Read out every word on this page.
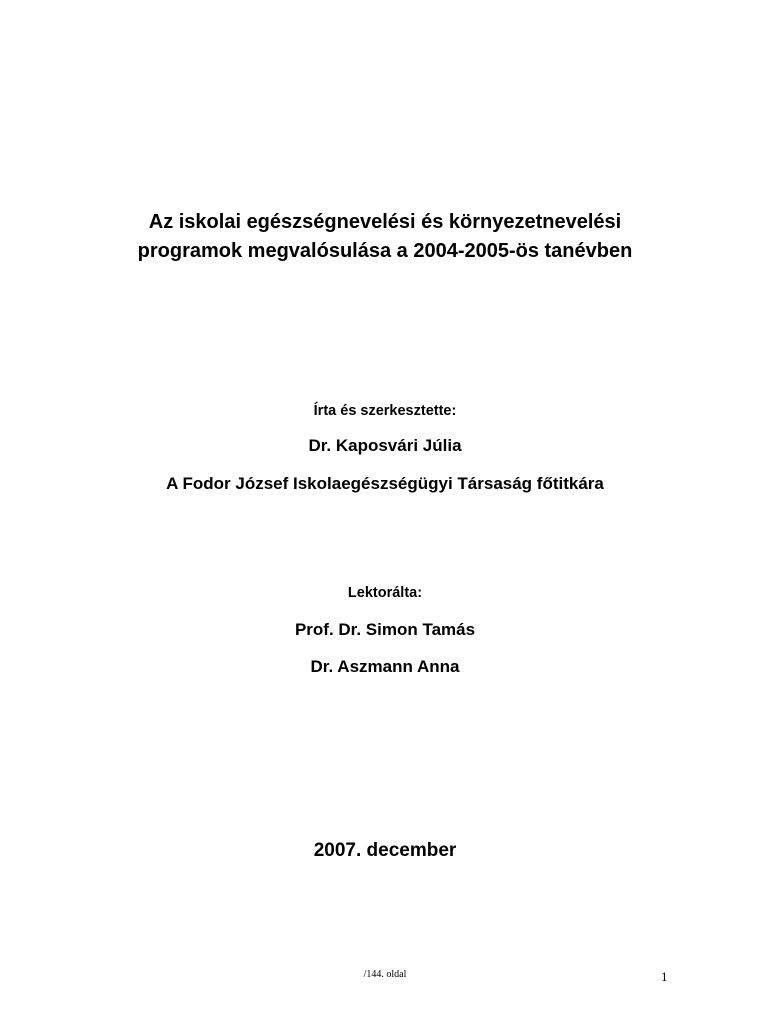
Az iskolai egészségnevelési és környezetnevelési
programok megvalósulása a 2004-2005-ös tanévben
Írta és szerkesztette:
Dr. Kaposvári Júlia
A Fodor József Iskolaegészségügyi Társaság főtitkára
Lektorálta:
Prof. Dr. Simon Tamás
Dr. Aszmann Anna
2007. december
/144. oldal	1
